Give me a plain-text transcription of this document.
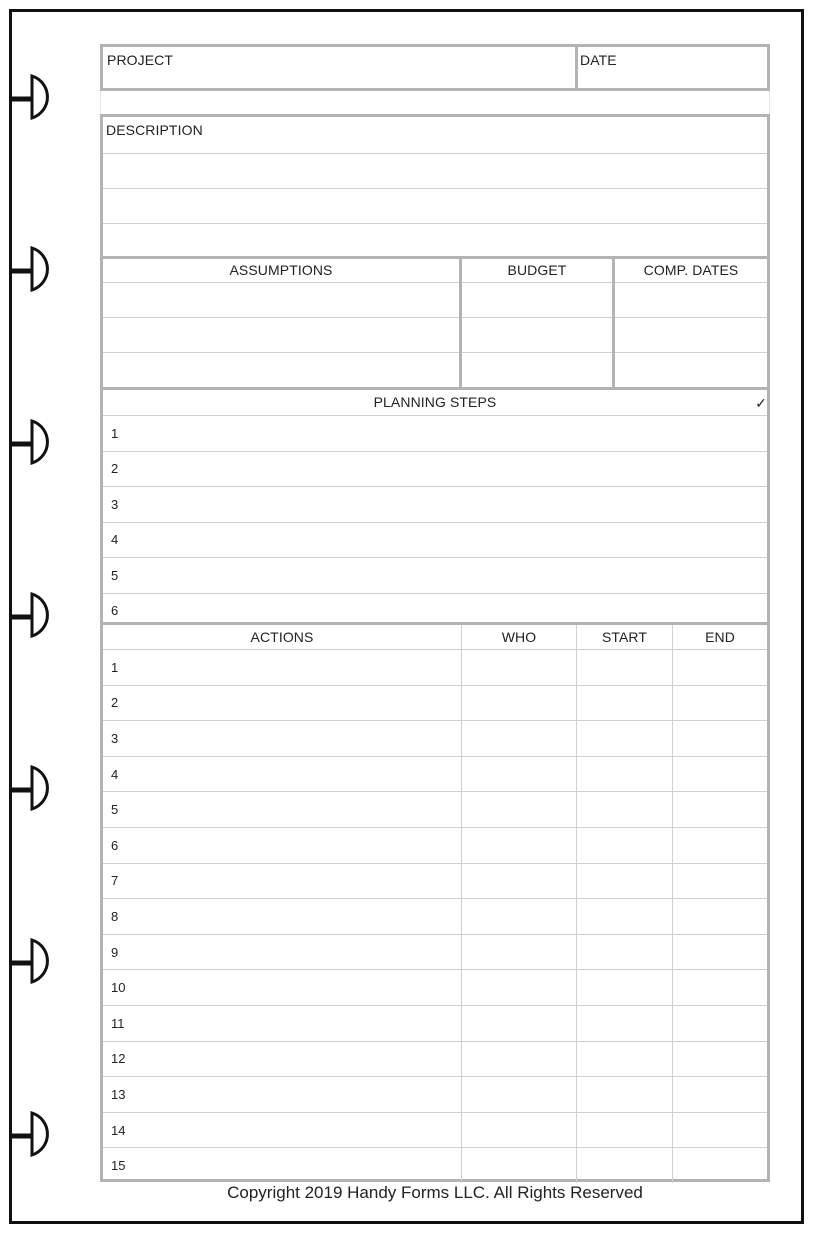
PROJECT	DATE
DESCRIPTION
ASSUMPTIONS	BUDGET	COMP. DATES
PLANNING STEPS	✓
1
2
3
4
5
6
ACTIONS	WHO	START	END
1
2
3
4
5
6
7
8
9
10
11
12
13
14
15
Copyright 2019 Handy Forms LLC. All Rights Reserved
